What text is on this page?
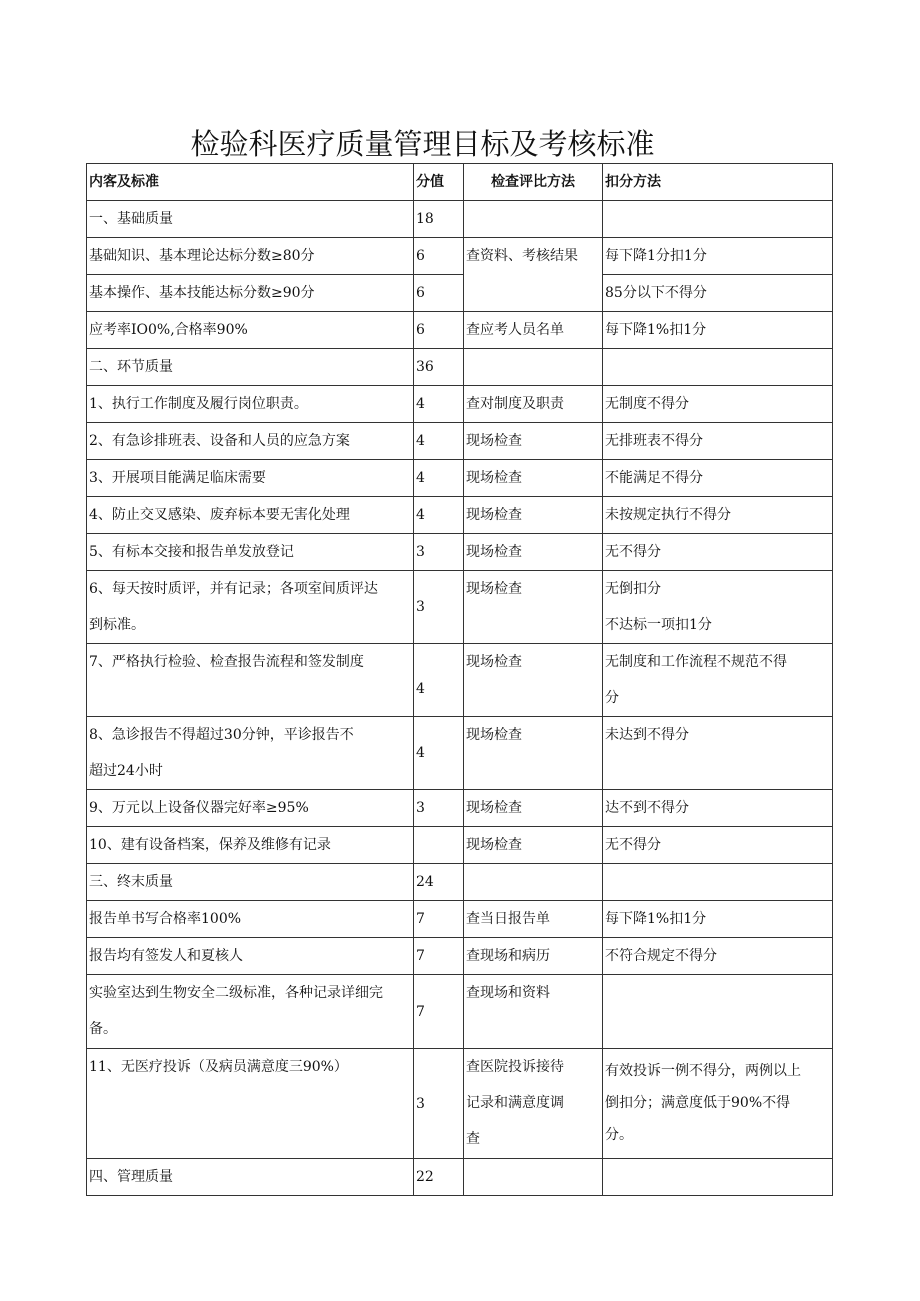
检验科医疗质量管理目标及考核标准
内客及标准	分值	检查评比方法	扣分方法

一、基础质量	18		

基础知识、基本理论达标分数≥80分	6	查资料、考核结果	每下降1分扣1分

基本操作、基本技能达标分数≥90分	6		85分以下不得分

应考率IO0%,合格率90%	6	查应考人员名单	每下降1%扣1分

二、环节质量	36		

1、执行工作制度及履行岗位职责。	4	查对制度及职责	无制度不得分

2、有急诊排班表、设备和人员的应急方案	4	现场检查	无排班表不得分

3、开展项目能满足临床需要	4	现场检查	不能满足不得分

4、防止交叉感染、废弃标本要无害化处理	4	现场检查	未按规定执行不得分

5、有标本交接和报告单发放登记	3	现场检查	无不得分

6、每天按时质评，并有记录；各项室间质评达
到标准。	3	现场检查	无倒扣分
不达标一项扣1分

7、严格执行检验、检查报告流程和签发制度	4	现场检查	无制度和工作流程不规范不得
分

8、急诊报告不得超过30分钟，平诊报告不
超过24小时	4	现场检查	未达到不得分

9、万元以上设备仪器完好率≥95%	3	现场检查	达不到不得分

10、建有设备档案，保养及维修有记录		现场检查	无不得分

三、终末质量	24		

报告单书写合格率100%	7	查当日报告单	每下降1%扣1分

报告均有签发人和夏核人	7	查现场和病历	不符合规定不得分

实验室达到生物安全二级标准，各种记录详细完
备。	7	查现场和资料	

11、无医疗投诉（及病员满意度三90%）	3	查医院投诉接待
记录和满意度调
查	有效投诉一例不得分，两例以上
倒扣分；满意度低于90%不得
分。

四、管理质量	22		
